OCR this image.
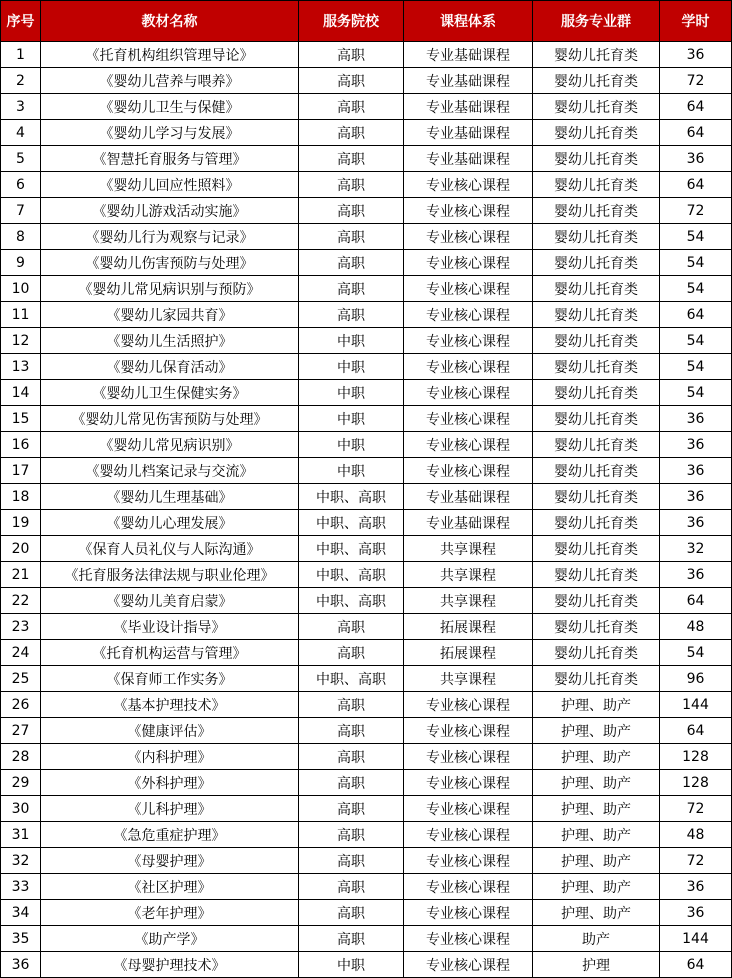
序号	教材名称	服务院校	课程体系	服务专业群	学时
1	《托育机构组织管理导论》	高职	专业基础课程	婴幼儿托育类	36
2	《婴幼儿营养与喂养》	高职	专业基础课程	婴幼儿托育类	72
3	《婴幼儿卫生与保健》	高职	专业基础课程	婴幼儿托育类	64
4	《婴幼儿学习与发展》	高职	专业基础课程	婴幼儿托育类	64
5	《智慧托育服务与管理》	高职	专业基础课程	婴幼儿托育类	36
6	《婴幼儿回应性照料》	高职	专业核心课程	婴幼儿托育类	64
7	《婴幼儿游戏活动实施》	高职	专业核心课程	婴幼儿托育类	72
8	《婴幼儿行为观察与记录》	高职	专业核心课程	婴幼儿托育类	54
9	《婴幼儿伤害预防与处理》	高职	专业核心课程	婴幼儿托育类	54
10	《婴幼儿常见病识别与预防》	高职	专业核心课程	婴幼儿托育类	54
11	《婴幼儿家园共育》	高职	专业核心课程	婴幼儿托育类	64
12	《婴幼儿生活照护》	中职	专业核心课程	婴幼儿托育类	54
13	《婴幼儿保育活动》	中职	专业核心课程	婴幼儿托育类	54
14	《婴幼儿卫生保健实务》	中职	专业核心课程	婴幼儿托育类	54
15	《婴幼儿常见伤害预防与处理》	中职	专业核心课程	婴幼儿托育类	36
16	《婴幼儿常见病识别》	中职	专业核心课程	婴幼儿托育类	36
17	《婴幼儿档案记录与交流》	中职	专业核心课程	婴幼儿托育类	36
18	《婴幼儿生理基础》	中职、高职	专业基础课程	婴幼儿托育类	36
19	《婴幼儿心理发展》	中职、高职	专业基础课程	婴幼儿托育类	36
20	《保育人员礼仪与人际沟通》	中职、高职	共享课程	婴幼儿托育类	32
21	《托育服务法律法规与职业伦理》	中职、高职	共享课程	婴幼儿托育类	36
22	《婴幼儿美育启蒙》	中职、高职	共享课程	婴幼儿托育类	64
23	《毕业设计指导》	高职	拓展课程	婴幼儿托育类	48
24	《托育机构运营与管理》	高职	拓展课程	婴幼儿托育类	54
25	《保育师工作实务》	中职、高职	共享课程	婴幼儿托育类	96
26	《基本护理技术》	高职	专业核心课程	护理、助产	144
27	《健康评估》	高职	专业核心课程	护理、助产	64
28	《内科护理》	高职	专业核心课程	护理、助产	128
29	《外科护理》	高职	专业核心课程	护理、助产	128
30	《儿科护理》	高职	专业核心课程	护理、助产	72
31	《急危重症护理》	高职	专业核心课程	护理、助产	48
32	《母婴护理》	高职	专业核心课程	护理、助产	72
33	《社区护理》	高职	专业核心课程	护理、助产	36
34	《老年护理》	高职	专业核心课程	护理、助产	36
35	《助产学》	高职	专业核心课程	助产	144
36	《母婴护理技术》	中职	专业核心课程	护理	64
